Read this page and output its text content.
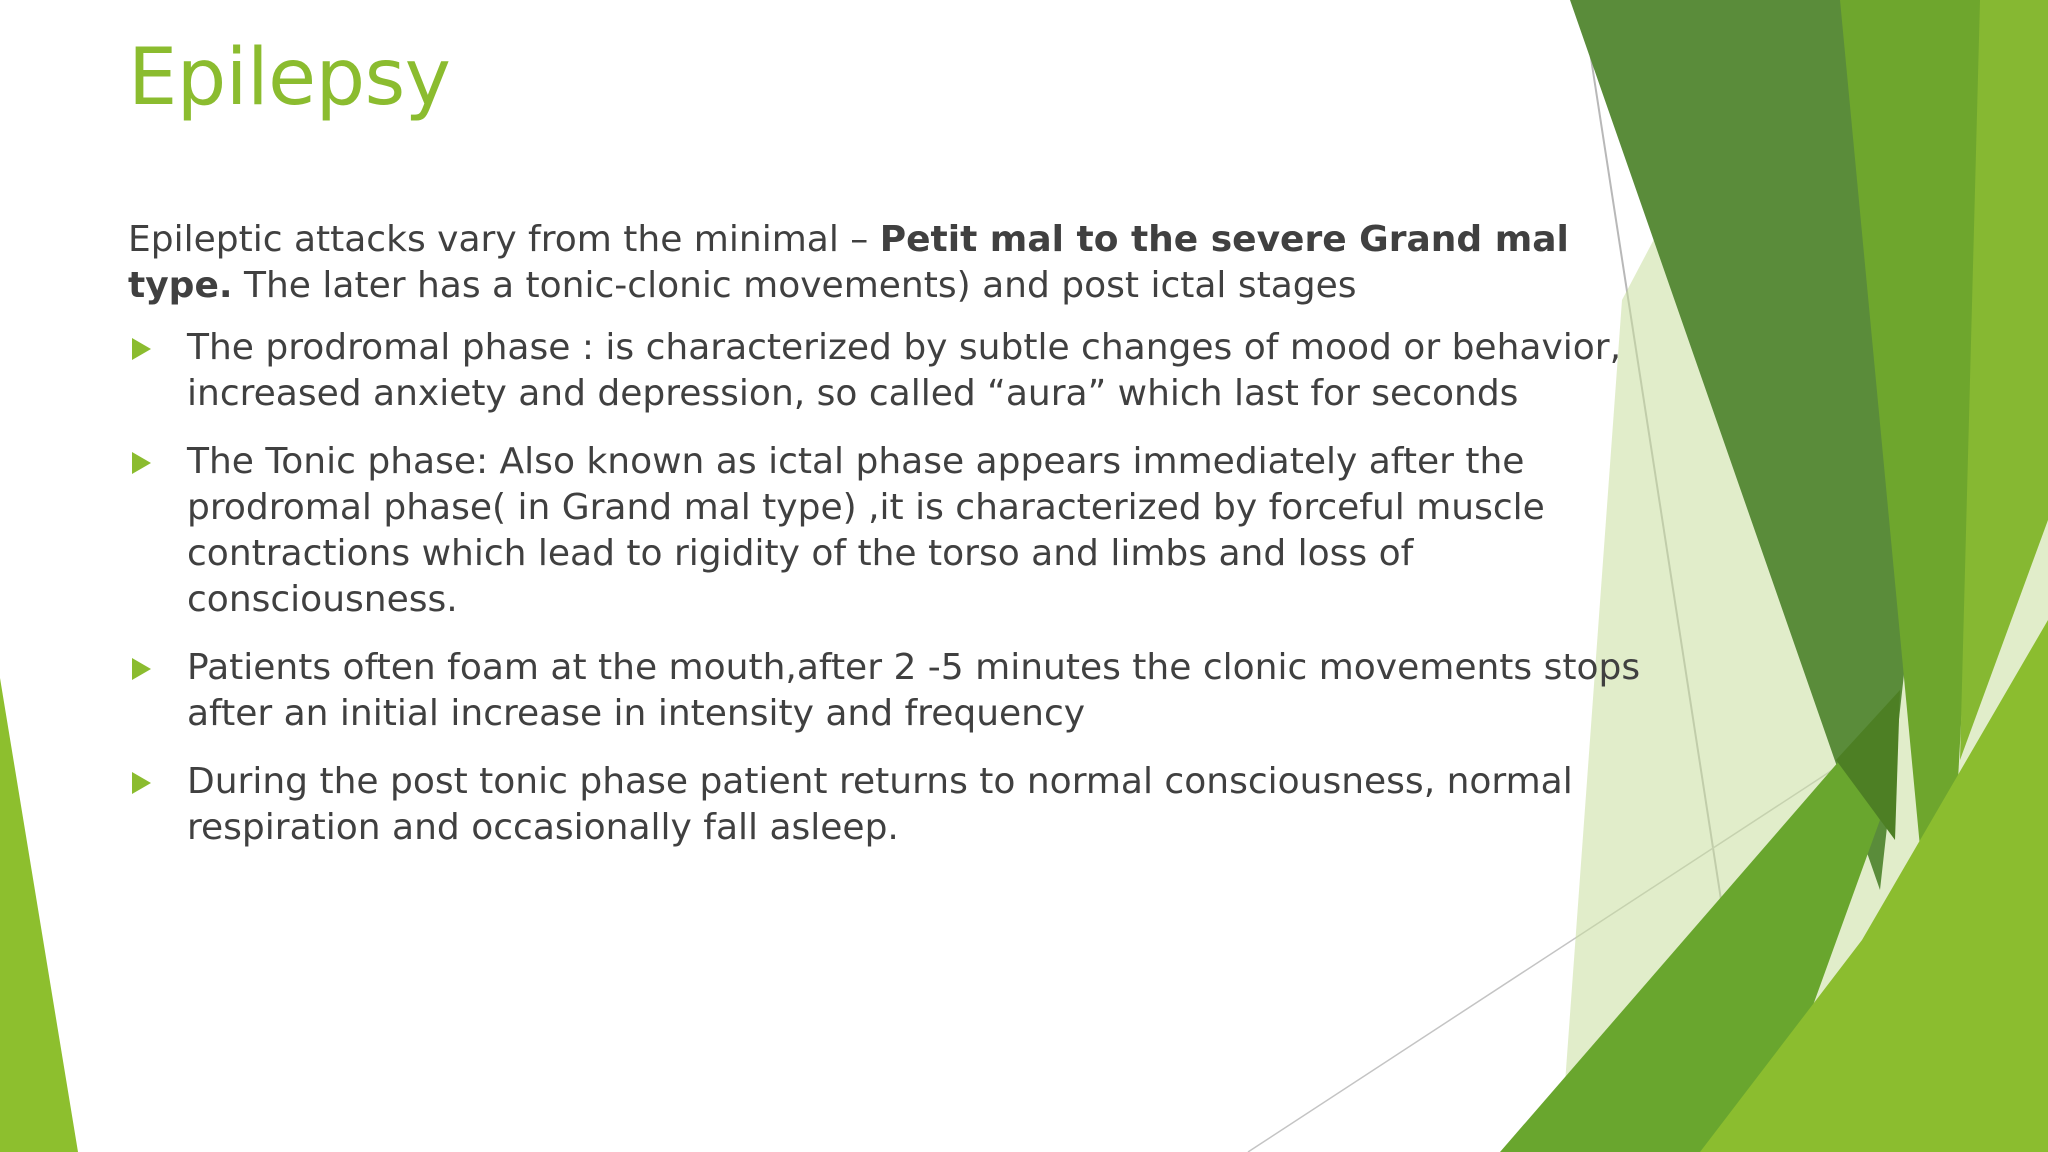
Epilepsy

Epileptic attacks vary from the minimal – Petit mal to the severe Grand mal type. The later has a tonic-clonic movements) and post ictal stages

The prodromal phase : is characterized by subtle changes of mood or behavior, increased anxiety and depression, so called “aura” which last for seconds
The Tonic phase: Also known as ictal phase appears immediately after the prodromal phase( in Grand mal type) ,it is characterized by forceful muscle contractions which lead to rigidity of the torso and limbs and loss of consciousness.
Patients often foam at the mouth,after 2 -5 minutes the clonic movements stops after an initial increase in intensity and frequency
During the post tonic phase patient returns to normal consciousness, normal respiration and occasionally fall asleep.
